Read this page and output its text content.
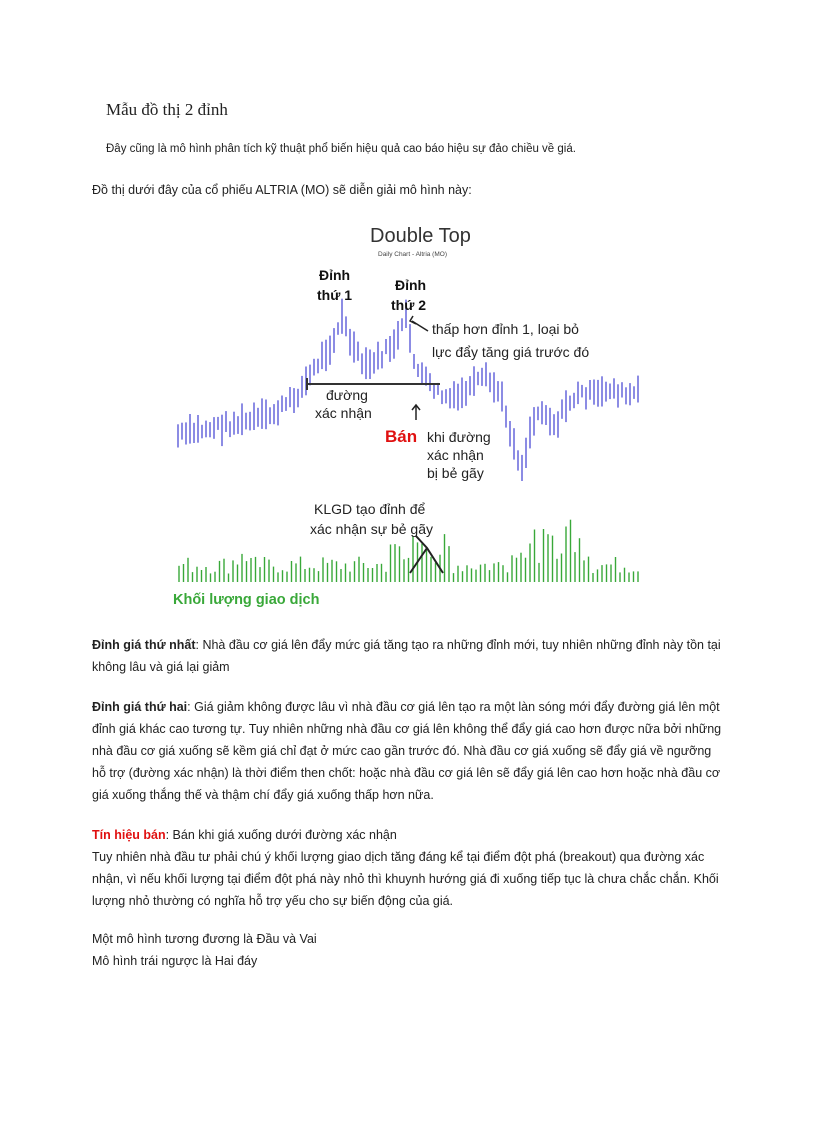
Mẫu đồ thị 2 đỉnh
Đây cũng là mô hình phân tích kỹ thuật phổ biến hiệu quả cao báo hiệu sự đảo chiều về giá.
Đồ thị dưới đây của cổ phiếu ALTRIA (MO) sẽ diễn giải mô hình này:
Double Top
Daily Chart - Altria (MO)
Đỉnh
thứ 1
Đỉnh
thứ 2
thấp hơn đỉnh 1, loại bỏ
lực đẩy tăng giá trước đó
đường
xác nhận
Bán khi đường
xác nhận
bị bẻ gãy
KLGD tạo đỉnh để
xác nhận sự bẻ gãy
Khối lượng giao dịch

Đỉnh giá thứ nhất: Nhà đầu cơ giá lên đẩy mức giá tăng tạo ra những đỉnh mới, tuy nhiên những đỉnh này tồn tại không lâu và giá lại giảm

Đỉnh giá thứ hai: Giá giảm không được lâu vì nhà đầu cơ giá lên tạo ra một làn sóng mới đẩy đường giá lên một đỉnh giá khác cao tương tự. Tuy nhiên những nhà đầu cơ giá lên không thể đẩy giá cao hơn được nữa bởi những nhà đầu cơ giá xuống sẽ kềm giá chỉ đạt ở mức cao gần trước đó. Nhà đầu cơ giá xuống sẽ đẩy giá về ngưỡng hỗ trợ (đường xác nhận) là thời điểm then chốt: hoặc nhà đầu cơ giá lên sẽ đẩy giá lên cao hơn hoặc nhà đầu cơ giá xuống thắng thế và thậm chí đẩy giá xuống thấp hơn nữa.

Tín hiệu bán: Bán khi giá xuống dưới đường xác nhận
Tuy nhiên nhà đầu tư phải chú ý khối lượng giao dịch tăng đáng kể tại điểm đột phá (breakout) qua đường xác nhận, vì nếu khối lượng tại điểm đột phá này nhỏ thì khuynh hướng giá đi xuống tiếp tục là chưa chắc chắn. Khối lượng nhỏ thường có nghĩa hỗ trợ yếu cho sự biến động của giá.

Một mô hình tương đương là Đầu và Vai
Mô hình trái ngược là Hai đáy
